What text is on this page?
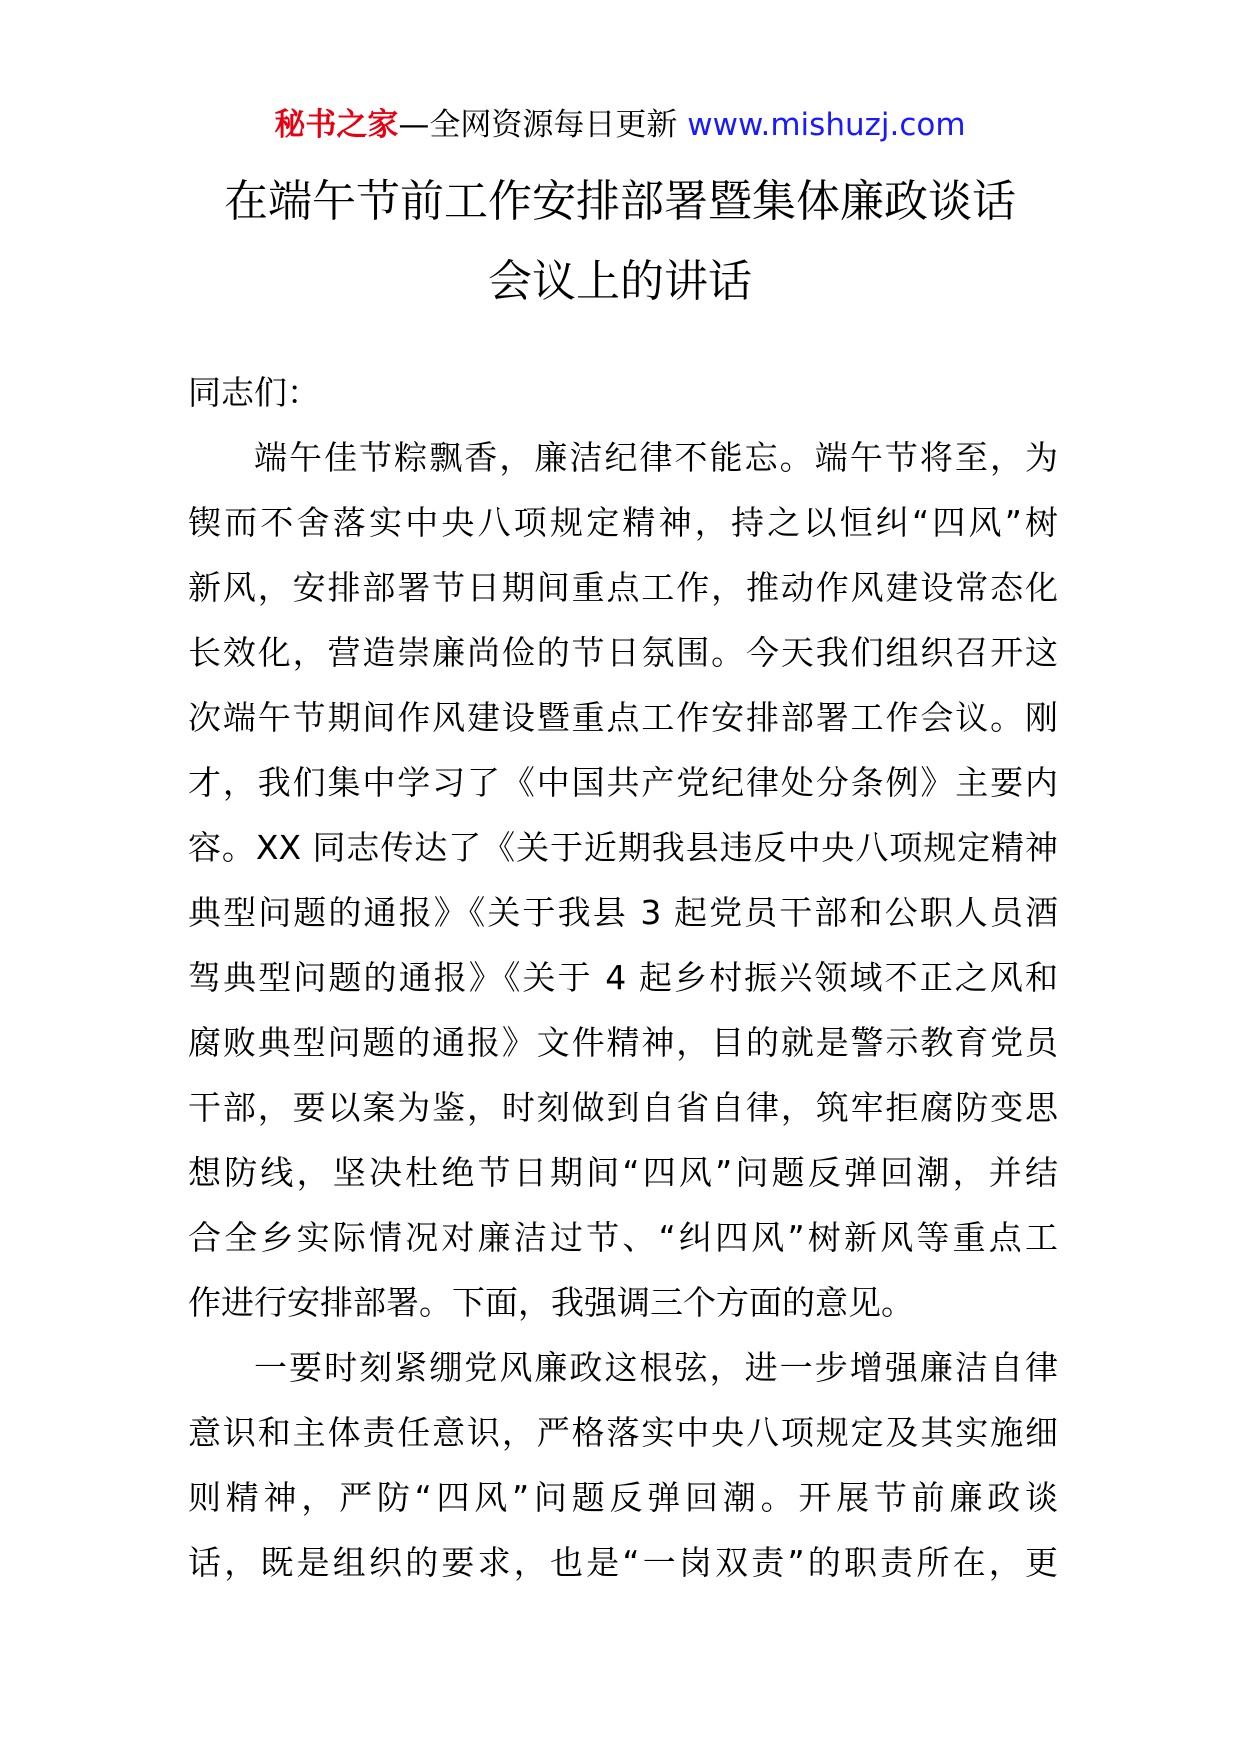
秘书之家—全网资源每日更新 www.mishuzj.com
在端午节前工作安排部署暨集体廉政谈话
会议上的讲话
同志们：
端午佳节粽飘香，廉洁纪律不能忘。端午节将至，为
锲而不舍落实中央八项规定精神，持之以恒纠“四风”树
新风，安排部署节日期间重点工作，推动作风建设常态化
长效化，营造崇廉尚俭的节日氛围。今天我们组织召开这
次端午节期间作风建设暨重点工作安排部署工作会议。刚
才，我们集中学习了《中国共产党纪律处分条例》主要内
容。XX 同志传达了《关于近期我县违反中央八项规定精神
典型问题的通报》《关于我县 3 起党员干部和公职人员酒
驾典型问题的通报》《关于 4 起乡村振兴领域不正之风和
腐败典型问题的通报》文件精神，目的就是警示教育党员
干部，要以案为鉴，时刻做到自省自律，筑牢拒腐防变思
想防线，坚决杜绝节日期间“四风”问题反弹回潮，并结
合全乡实际情况对廉洁过节、“纠四风”树新风等重点工
作进行安排部署。下面，我强调三个方面的意见。
一要时刻紧绷党风廉政这根弦，进一步增强廉洁自律
意识和主体责任意识，严格落实中央八项规定及其实施细
则精神，严防“四风”问题反弹回潮。开展节前廉政谈
话，既是组织的要求，也是“一岗双责”的职责所在，更
